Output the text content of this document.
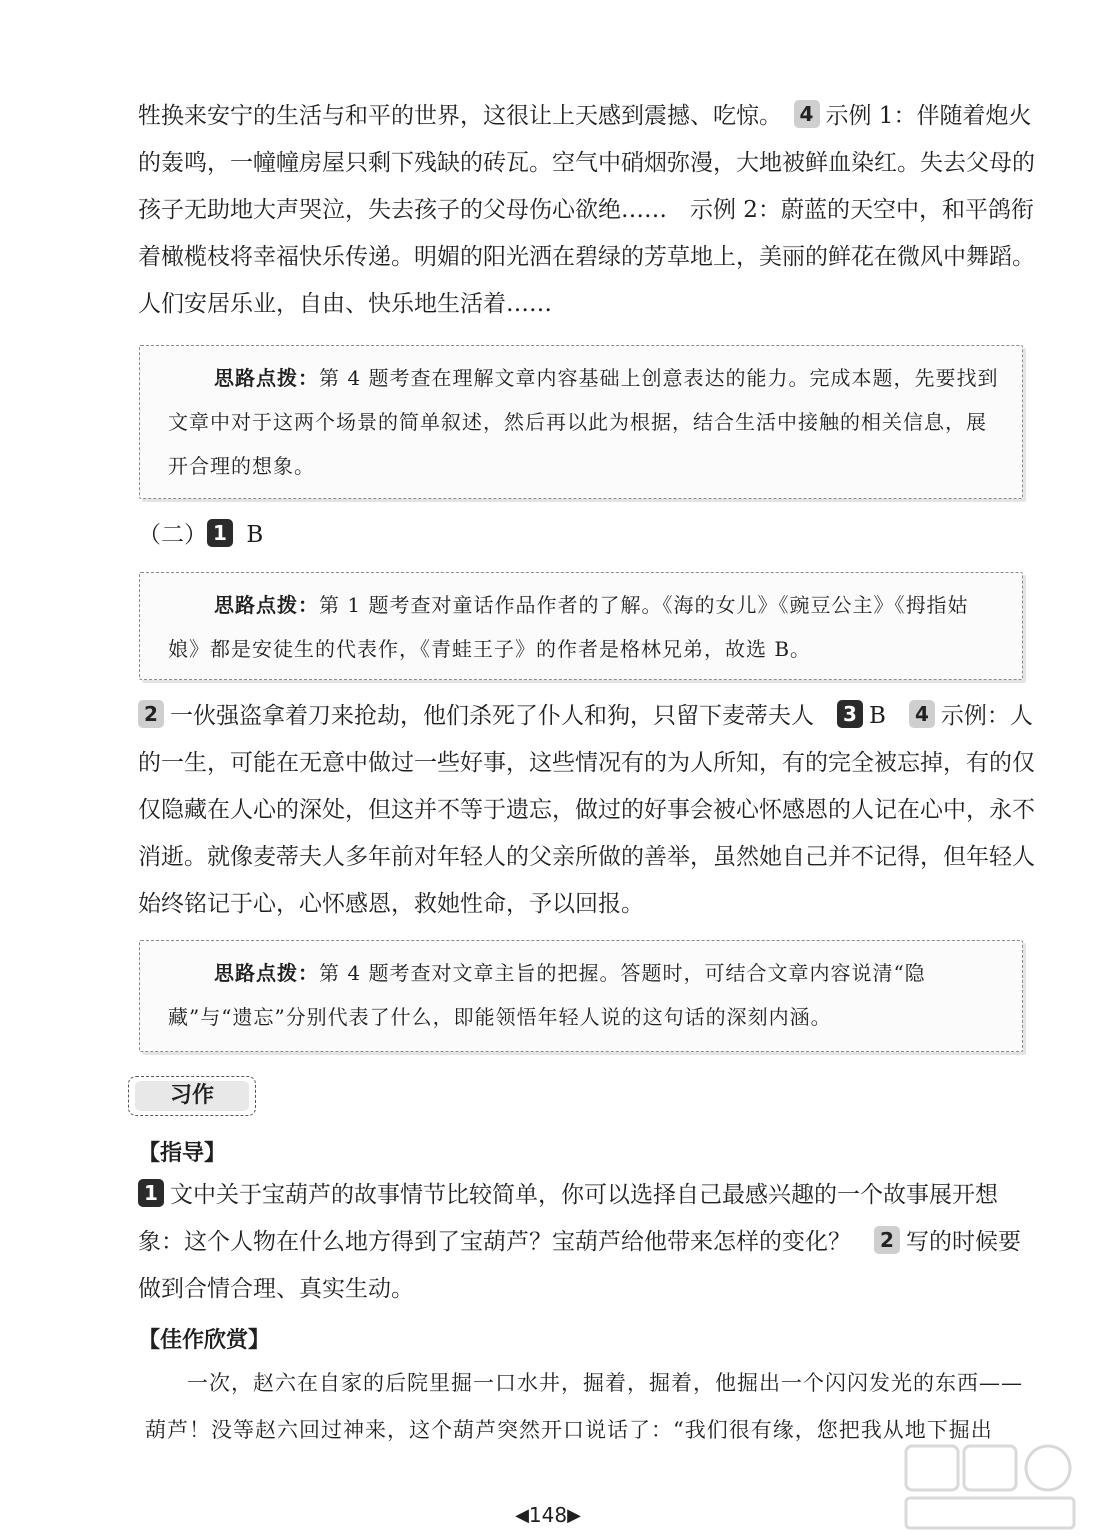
牲换来安宁的生活与和平的世界，这很让上天感到震撼、吃惊。　 4 示例 1：伴随着炮火的轰鸣，一幢幢房屋只剩下残缺的砖瓦。空气中硝烟弥漫，大地被鲜血染红。失去父母的孩子无助地大声哭泣，失去孩子的父母伤心欲绝……　示例 2：蔚蓝的天空中，和平鸽衔着橄榄枝将幸福快乐传递。明媚的阳光洒在碧绿的芳草地上，美丽的鲜花在微风中舞蹈。人们安居乐业，自由、快乐地生活着……

思路点拨：第 4 题考查在理解文章内容基础上创意表达的能力。完成本题，先要找到文章中对于这两个场景的简单叙述，然后再以此为根据，结合生活中接触的相关信息，展开合理的想象。

（二） 1 B

思路点拨：第 1 题考查对童话作品作者的了解。《海的女儿》《豌豆公主》《拇指姑娘》都是安徒生的代表作，《青蛙王子》的作者是格林兄弟，故选 B。

2 一伙强盗拿着刀来抢劫，他们杀死了仆人和狗，只留下麦蒂夫人　 3 B　 4 示例：人的一生，可能在无意中做过一些好事，这些情况有的为人所知，有的完全被忘掉，有的仅仅隐藏在人心的深处，但这并不等于遗忘，做过的好事会被心怀感恩的人记在心中，永不消逝。就像麦蒂夫人多年前对年轻人的父亲所做的善举，虽然她自己并不记得，但年轻人始终铭记于心，心怀感恩，救她性命，予以回报。

思路点拨：第 4 题考查对文章主旨的把握。答题时，可结合文章内容说清“隐藏”与“遗忘”分别代表了什么，即能领悟年轻人说的这句话的深刻内涵。
习作
【指导】

1 文中关于宝葫芦的故事情节比较简单，你可以选择自己最感兴趣的一个故事展开想象：这个人物在什么地方得到了宝葫芦？宝葫芦给他带来怎样的变化？　 2 写的时候要做到合情合理、真实生动。

【佳作欣赏】

一次，赵六在自家的后院里掘一口水井，掘着，掘着，他掘出一个闪闪发光的东西——葫芦！没等赵六回过神来，这个葫芦突然开口说话了：“我们很有缘，您把我从地下掘出

◀148▶
